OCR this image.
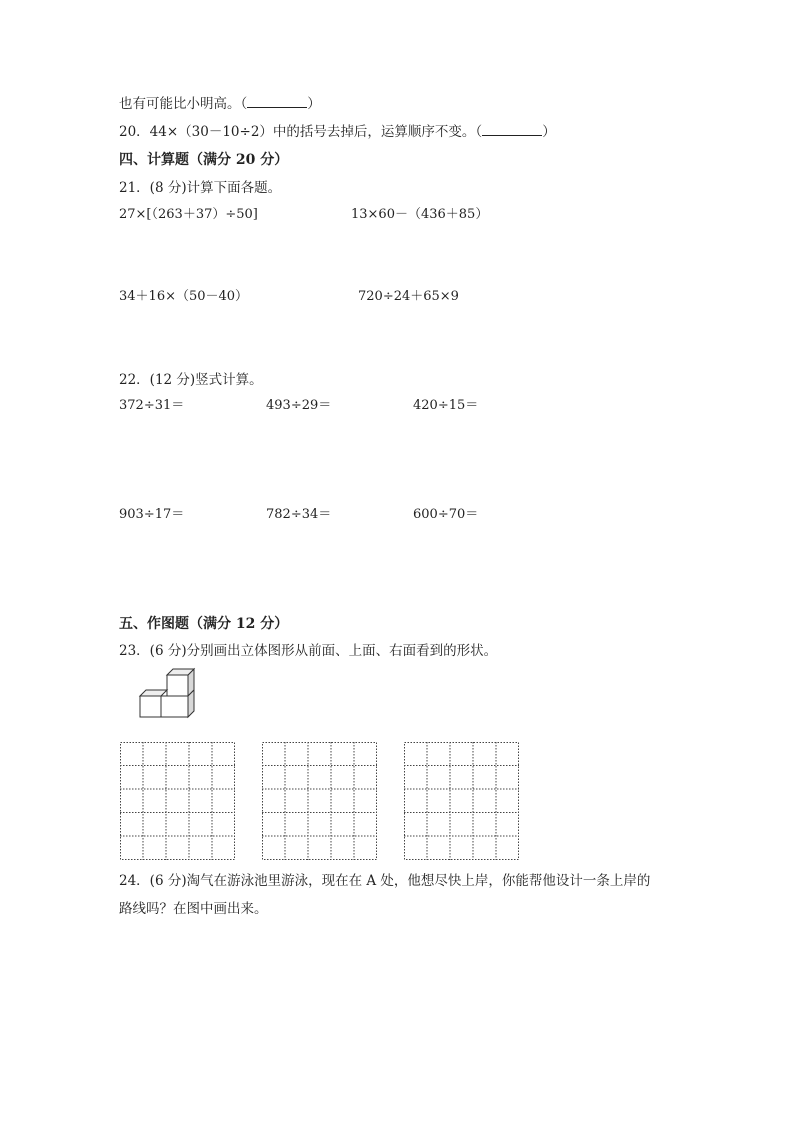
也有可能比小明高。（	）
20．44×（30－10÷2）中的括号去掉后，运算顺序不变。（	）
四、计算题（满分 20 分）
21．(8 分)计算下面各题。
27×[（263＋37）÷50]	13×60－（436＋85）
34＋16×（50－40）	720÷24＋65×9
22．(12 分)竖式计算。
372÷31＝	493÷29＝	420÷15＝
903÷17＝	782÷34＝	600÷70＝
五、作图题（满分 12 分）
23．(6 分)分别画出立体图形从前面、上面、右面看到的形状。
24．(6 分)淘气在游泳池里游泳，现在在 A 处，他想尽快上岸，你能帮他设计一条上岸的
路线吗？在图中画出来。
